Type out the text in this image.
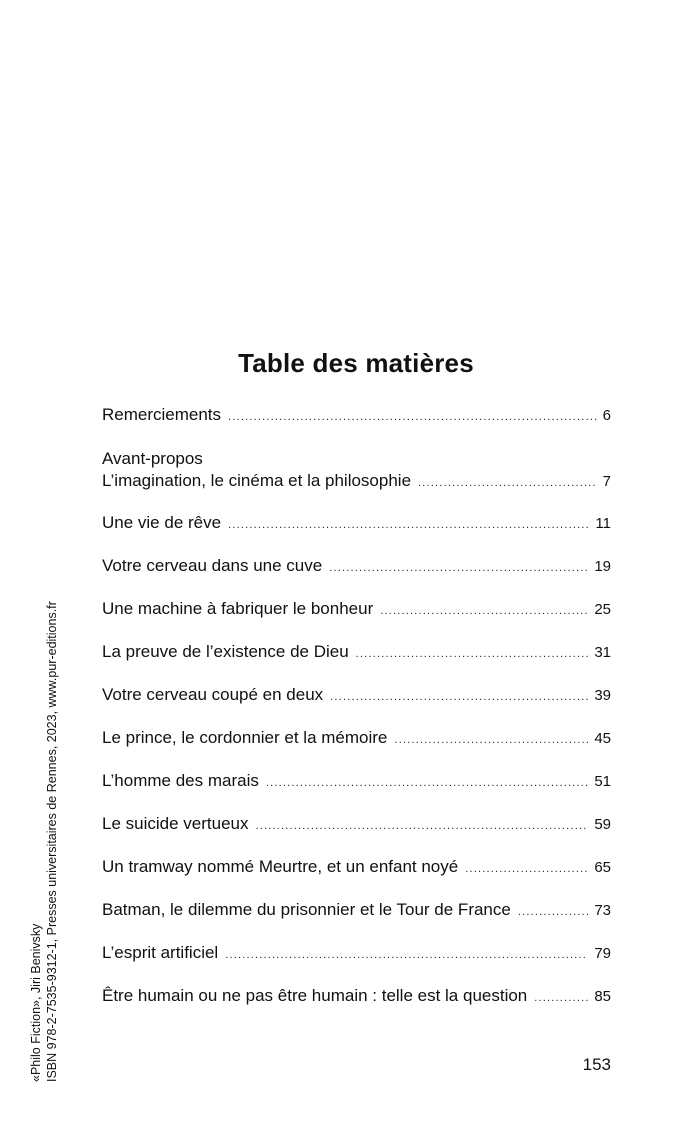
Table des matières
Remerciements .....	6
Avant-propos
L’imagination, le cinéma et la philosophie .....	7
Une vie de rêve .....	11
Votre cerveau dans une cuve .....	19
Une machine à fabriquer le bonheur .....	25
La preuve de l’existence de Dieu .....	31
Votre cerveau coupé en deux .....	39
Le prince, le cordonnier et la mémoire .....	45
L’homme des marais .....	51
Le suicide vertueux .....	59
Un tramway nommé Meurtre, et un enfant noyé .....	65
Batman, le dilemme du prisonnier et le Tour de France .....	73
L’esprit artificiel .....	79
Être humain ou ne pas être humain : telle est la question .....	85
153
«Philo Fiction», Jiri Benivsky ISBN 978-2-7535-9312-1, Presses universitaires de Rennes, 2023, www.pur-editions.fr
